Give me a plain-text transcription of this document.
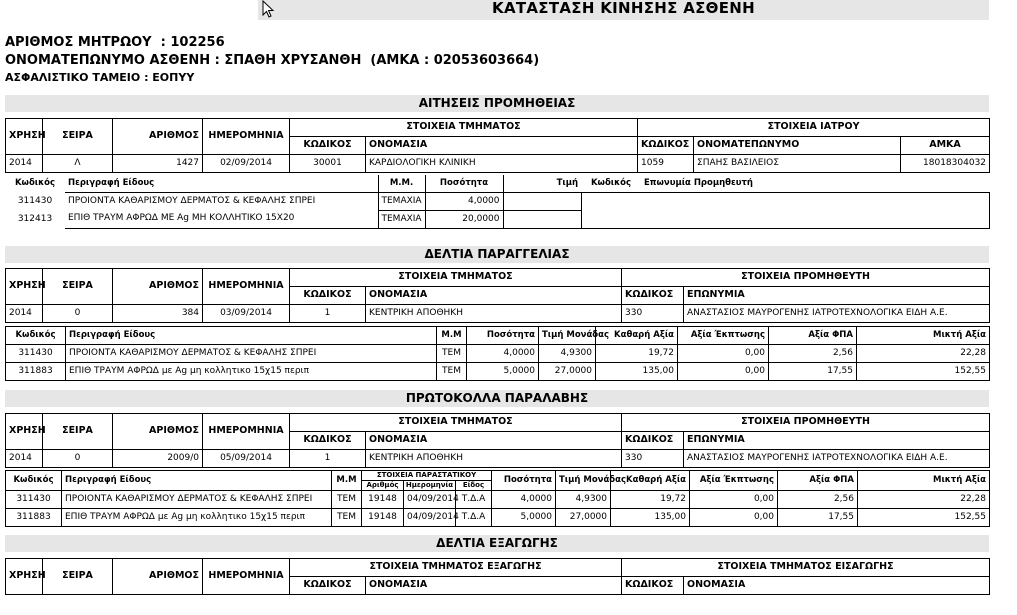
ΚΑΤΑΣΤΑΣΗ ΚΙΝΗΣΗΣ ΑΣΘΕΝΗ
ΑΡΙΘΜΟΣ ΜΗΤΡΩΟΥ  : 102256
ΟΝΟΜΑΤΕΠΩΝΥΜΟ ΑΣΘΕΝΗ : ΣΠΑΘΗ ΧΡΥΣΑΝΘΗ  (ΑΜΚΑ : 02053603664)
ΑΣΦΑΛΙΣΤΙΚΟ ΤΑΜΕΙΟ : ΕΟΠΥΥ
ΑΙΤΗΣΕΙΣ ΠΡΟΜΗΘΕΙΑΣ
ΧΡΗΣΗ	ΣΕΙΡΑ	ΑΡΙΘΜΟΣ	ΗΜΕΡΟΜΗΝΙΑ	ΣΤΟΙΧΕΙΑ ΤΜΗΜΑΤΟΣ		ΣΤΟΙΧΕΙΑ ΙΑΤΡΟΥ		
				ΚΩΔΙΚΟΣ	ΟΝΟΜΑΣΙΑ	ΚΩΔΙΚΟΣ	ΟΝΟΜΑΤΕΠΩΝΥΜΟ	ΑΜΚΑ
2014	Λ	1427	02/09/2014	30001	ΚΑΡΔΙΟΛΟΓΙΚΗ ΚΛΙΝΙΚΗ	1059	ΣΠΑΗΣ ΒΑΣΙΛΕΙΟΣ	18018304032
Κωδικός	Περιγραφή Είδους	Μ.Μ.	Ποσότητα	Τιμή	Κωδικός	Επωνυμία Προμηθευτή
311430	ΠΡΟΙΟΝΤΑ ΚΑΘΑΡΙΣΜΟΥ ΔΕΡΜΑΤΟΣ & ΚΕΦΑΛΗΣ ΣΠΡΕΙ	ΤΕΜΑΧΙΑ	4,0000			
312413	ΕΠΙΘ ΤΡΑΥΜ ΑΦΡΩΔ ΜΕ Ag ΜΗ ΚΟΛΛΗΤΙΚΟ 15X20	ΤΕΜΑΧΙΑ	20,0000			
ΔΕΛΤΙΑ ΠΑΡΑΓΓΕΛΙΑΣ
ΧΡΗΣΗ	ΣΕΙΡΑ	ΑΡΙΘΜΟΣ	ΗΜΕΡΟΜΗΝΙΑ	ΣΤΟΙΧΕΙΑ ΤΜΗΜΑΤΟΣ		ΣΤΟΙΧΕΙΑ ΠΡΟΜΗΘΕΥΤΗ	
				ΚΩΔΙΚΟΣ	ΟΝΟΜΑΣΙΑ	ΚΩΔΙΚΟΣ	ΕΠΩΝΥΜΙΑ
2014	0	384	03/09/2014	1	ΚΕΝΤΡΙΚΗ ΑΠΟΘΗΚΗ	330	ΑΝΑΣΤΑΣΙΟΣ ΜΑΥΡΟΓΕΝΗΣ ΙΑΤΡΟΤΕΧΝΟΛΟΓΙΚΑ ΕΙΔΗ Α.Ε.
Κωδικός	Περιγραφή Είδους	Μ.Μ	Ποσότητα	Τιμή Μονάδας	Καθαρή Αξία	Αξία Έκπτωσης	Αξία ΦΠΑ	Μικτή Αξία
311430	ΠΡΟΙΟΝΤΑ ΚΑΘΑΡΙΣΜΟΥ ΔΕΡΜΑΤΟΣ & ΚΕΦΑΛΗΣ ΣΠΡΕΙ	ΤΕΜ	4,0000	4,9300	19,72	0,00	2,56	22,28
311883	ΕΠΙΘ ΤΡΑΥΜ ΑΦΡΩΔ με Ag μη κολλητικο 15χ15 περιπ	ΤΕΜ	5,0000	27,0000	135,00	0,00	17,55	152,55
ΠΡΩΤΟΚΟΛΛΑ ΠΑΡΑΛΑΒΗΣ
ΧΡΗΣΗ	ΣΕΙΡΑ	ΑΡΙΘΜΟΣ	ΗΜΕΡΟΜΗΝΙΑ	ΣΤΟΙΧΕΙΑ ΤΜΗΜΑΤΟΣ		ΣΤΟΙΧΕΙΑ ΠΡΟΜΗΘΕΥΤΗ	
				ΚΩΔΙΚΟΣ	ΟΝΟΜΑΣΙΑ	ΚΩΔΙΚΟΣ	ΕΠΩΝΥΜΙΑ
2014	0	2009/0	05/09/2014	1	ΚΕΝΤΡΙΚΗ ΑΠΟΘΗΚΗ	330	ΑΝΑΣΤΑΣΙΟΣ ΜΑΥΡΟΓΕΝΗΣ ΙΑΤΡΟΤΕΧΝΟΛΟΓΙΚΑ ΕΙΔΗ Α.Ε.
Κωδικός	Περιγραφή Είδους	Μ.Μ	ΣΤΟΙΧΕΙΑ ΠΑΡΑΣΤΑΤΙΚΟΥ			Ποσότητα	Τιμή Μονάδας	Καθαρή Αξία	Αξία Έκπτωσης	Αξία ΦΠΑ	Μικτή Αξία
			Αριθμός	Ημερομηνία	Είδος						
311430	ΠΡΟΙΟΝΤΑ ΚΑΘΑΡΙΣΜΟΥ ΔΕΡΜΑΤΟΣ & ΚΕΦΑΛΗΣ ΣΠΡΕΙ	ΤΕΜ	19148	04/09/2014	Τ.Δ.Α	4,0000	4,9300	19,72	0,00	2,56	22,28
311883	ΕΠΙΘ ΤΡΑΥΜ ΑΦΡΩΔ με Ag μη κολλητικο 15χ15 περιπ	ΤΕΜ	19148	04/09/2014	Τ.Δ.Α	5,0000	27,0000	135,00	0,00	17,55	152,55
ΔΕΛΤΙΑ ΕΞΑΓΩΓΗΣ
ΧΡΗΣΗ	ΣΕΙΡΑ	ΑΡΙΘΜΟΣ	ΗΜΕΡΟΜΗΝΙΑ	ΣΤΟΙΧΕΙΑ ΤΜΗΜΑΤΟΣ ΕΞΑΓΩΓΗΣ		ΣΤΟΙΧΕΙΑ ΤΜΗΜΑΤΟΣ ΕΙΣΑΓΩΓΗΣ	
				ΚΩΔΙΚΟΣ	ΟΝΟΜΑΣΙΑ	ΚΩΔΙΚΟΣ	ΟΝΟΜΑΣΙΑ
